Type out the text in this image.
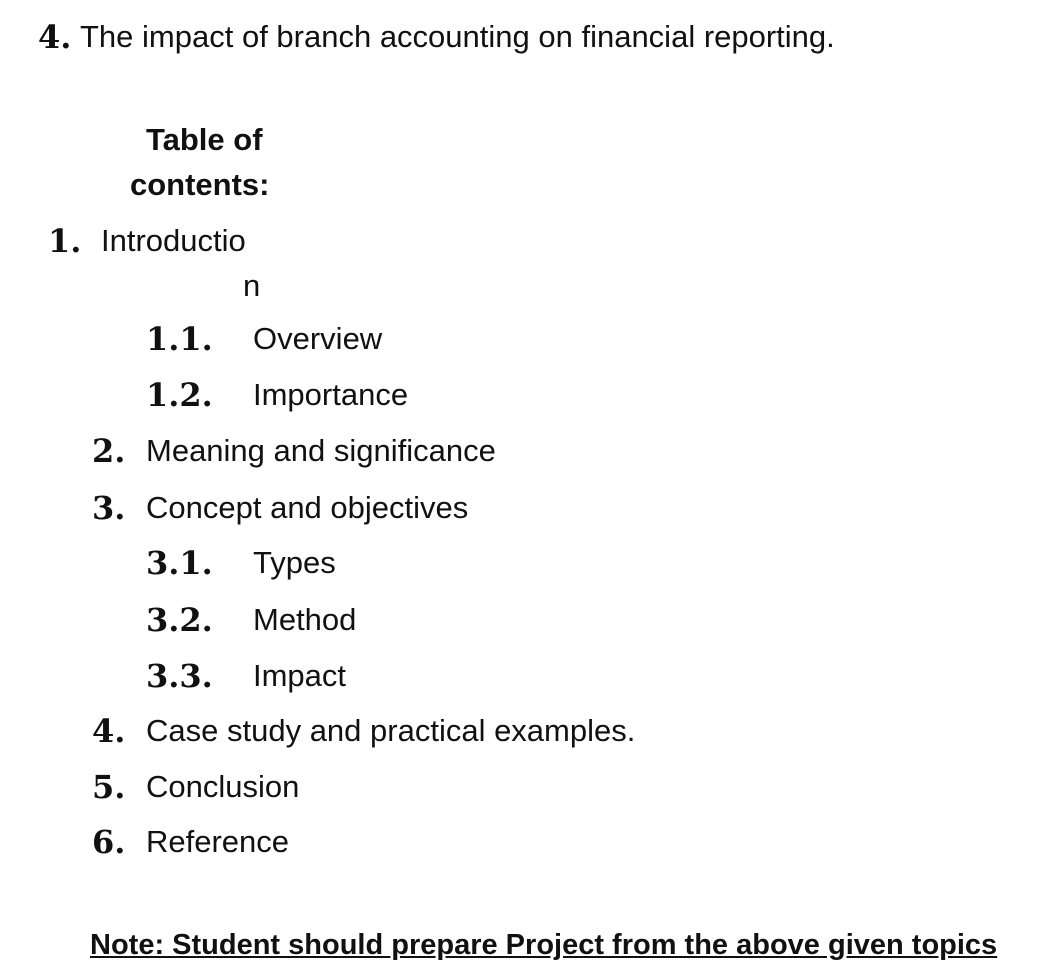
4. The impact of branch accounting on financial reporting.
Table of
contents:
1. Introductio
n
1.1. Overview
1.2. Importance
2. Meaning and significance
3. Concept and objectives
3.1. Types
3.2. Method
3.3. Impact
4. Case study and practical examples.
5. Conclusion
6. Reference
Note: Student should prepare Project from the above given topics
